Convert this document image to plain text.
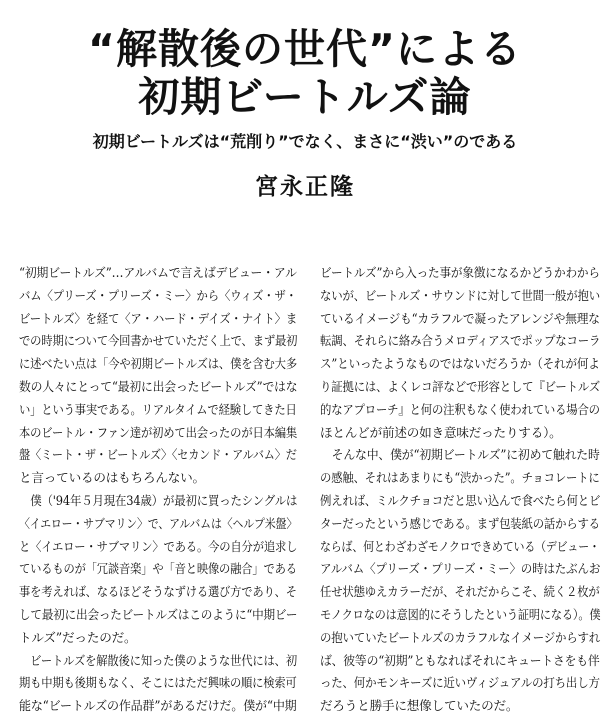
“解散後の世代”による
初期ビートルズ論
初期ビートルズは“荒削り”でなく、まさに“渋い”のである
宮永正隆
“初期ビートルズ”…アルバムで言えばデビュー・アル
バム〈プリーズ・プリーズ・ミー〉から〈ウィズ・ザ・
ビートルズ〉を経て〈ア・ハード・デイズ・ナイト〉ま
での時期について今回書かせていただく上で、まず最初
に述べたい点は「今や初期ビートルズは、僕を含む大多
数の人々にとって“最初に出会ったビートルズ”ではな
い」という事実である。リアルタイムで経験してきた日
本のビートル・ファン達が初めて出会ったのが日本編集
盤〈ミート・ザ・ビートルズ〉〈セカンド・アルバム〉だ
と言っているのはもちろんない。
　僕（'94年５月現在34歳）が最初に買ったシングルは
〈イエロー・サブマリン〉で、アルバムは〈ヘルプ米盤〉
と〈イエロー・サブマリン〉である。今の自分が追求し
ているものが「冗談音楽」や「音と映像の融合」である
事を考えれば、なるほどそうなずける選び方であり、そ
して最初に出会ったビートルズはこのように“中期ビー
トルズ”だったのだ。
　ビートルズを解散後に知った僕のような世代には、初
期も中期も後期もなく、そこにはただ興味の順に検索可
能な“ビートルズの作品群”があるだけだ。僕が“中期
ビートルズ”から入った事が象徴になるかどうかわから
ないが、ビートルズ・サウンドに対して世間一般が抱い
ているイメージも“カラフルで凝ったアレンジや無理な
転調、それらに絡み合うメロディアスでポップなコーラ
ス”といったようなものではないだろうか（それが何よ
り証拠には、よくレコ評などで形容として『ビートルズ
的なアプローチ』と何の注釈もなく使われている場合の
ほとんどが前述の如き意味だったりする）。
　そんな中、僕が“初期ビートルズ”に初めて触れた時
の感触、それはあまりにも“渋かった”。チョコレートに
例えれば、ミルクチョコだと思い込んで食べたら何とビ
ターだったという感じである。まず包装紙の話からする
ならば、何とわざわざモノクロできめている（デビュー・
アルバム〈プリーズ・プリーズ・ミー〉の時はたぶんお
任せ状態ゆえカラーだが、それだからこそ、続く２枚が
モノクロなのは意図的にそうしたという証明になる）。僕
の抱いていたビートルズのカラフルなイメージからすれ
ば、彼等の“初期”ともなればそれにキュートさをも伴
った、何かモンキーズに近いヴィジュアルの打ち出し方
だろうと勝手に想像していたのだ。
